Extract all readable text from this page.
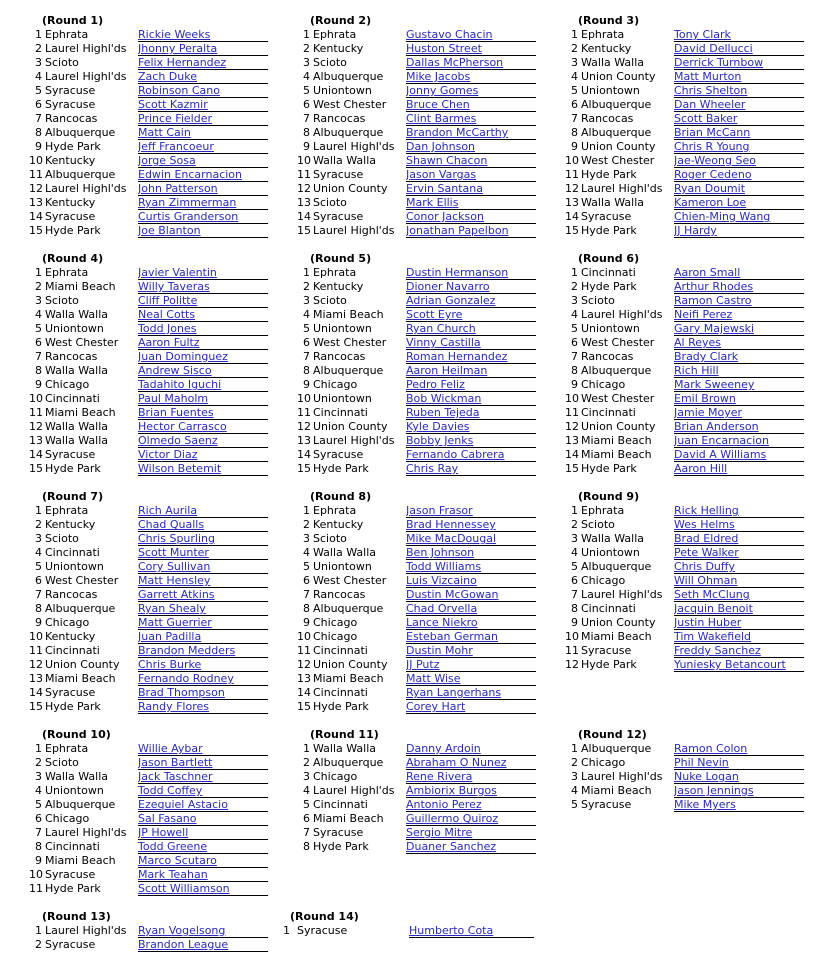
(Round 1)
1 Ephrata	Rickie Weeks
2 Laurel Highl'ds	Jhonny Peralta
3 Scioto	Felix Hernandez
4 Laurel Highl'ds	Zach Duke
5 Syracuse	Robinson Cano
6 Syracuse	Scott Kazmir
7 Rancocas	Prince Fielder
8 Albuquerque	Matt Cain
9 Hyde Park	Jeff Francoeur
10 Kentucky	Jorge Sosa
11 Albuquerque	Edwin Encarnacion
12 Laurel Highl'ds	John Patterson
13 Kentucky	Ryan Zimmerman
14 Syracuse	Curtis Granderson
15 Hyde Park	Joe Blanton
(Round 2)
1 Ephrata	Gustavo Chacin
2 Kentucky	Huston Street
3 Scioto	Dallas McPherson
4 Albuquerque	Mike Jacobs
5 Uniontown	Jonny Gomes
6 West Chester	Bruce Chen
7 Rancocas	Clint Barmes
8 Albuquerque	Brandon McCarthy
9 Laurel Highl'ds	Dan Johnson
10 Walla Walla	Shawn Chacon
11 Syracuse	Jason Vargas
12 Union County	Ervin Santana
13 Scioto	Mark Ellis
14 Syracuse	Conor Jackson
15 Laurel Highl'ds	Jonathan Papelbon
(Round 3)
1 Ephrata	Tony Clark
2 Kentucky	David Dellucci
3 Walla Walla	Derrick Turnbow
4 Union County	Matt Murton
5 Uniontown	Chris Shelton
6 Albuquerque	Dan Wheeler
7 Rancocas	Scott Baker
8 Albuquerque	Brian McCann
9 Union County	Chris R Young
10 West Chester	Jae-Weong Seo
11 Hyde Park	Roger Cedeno
12 Laurel Highl'ds	Ryan Doumit
13 Walla Walla	Kameron Loe
14 Syracuse	Chien-Ming Wang
15 Hyde Park	JJ Hardy
(Round 4)
1 Ephrata	Javier Valentin
2 Miami Beach	Willy Taveras
3 Scioto	Cliff Politte
4 Walla Walla	Neal Cotts
5 Uniontown	Todd Jones
6 West Chester	Aaron Fultz
7 Rancocas	Juan Dominguez
8 Walla Walla	Andrew Sisco
9 Chicago	Tadahito Iguchi
10 Cincinnati	Paul Maholm
11 Miami Beach	Brian Fuentes
12 Walla Walla	Hector Carrasco
13 Walla Walla	Olmedo Saenz
14 Syracuse	Victor Diaz
15 Hyde Park	Wilson Betemit
(Round 5)
1 Ephrata	Dustin Hermanson
2 Kentucky	Dioner Navarro
3 Scioto	Adrian Gonzalez
4 Miami Beach	Scott Eyre
5 Uniontown	Ryan Church
6 West Chester	Vinny Castilla
7 Rancocas	Roman Hernandez
8 Albuquerque	Aaron Heilman
9 Chicago	Pedro Feliz
10 Uniontown	Bob Wickman
11 Cincinnati	Ruben Tejeda
12 Union County	Kyle Davies
13 Laurel Highl'ds	Bobby Jenks
14 Syracuse	Fernando Cabrera
15 Hyde Park	Chris Ray
(Round 6)
1 Cincinnati	Aaron Small
2 Hyde Park	Arthur Rhodes
3 Scioto	Ramon Castro
4 Laurel Highl'ds	Neifi Perez
5 Uniontown	Gary Majewski
6 West Chester	Al Reyes
7 Rancocas	Brady Clark
8 Albuquerque	Rich Hill
9 Chicago	Mark Sweeney
10 West Chester	Emil Brown
11 Cincinnati	Jamie Moyer
12 Union County	Brian Anderson
13 Miami Beach	Juan Encarnacion
14 Miami Beach	David A Williams
15 Hyde Park	Aaron Hill
(Round 7)
1 Ephrata	Rich Aurila
2 Kentucky	Chad Qualls
3 Scioto	Chris Spurling
4 Cincinnati	Scott Munter
5 Uniontown	Cory Sullivan
6 West Chester	Matt Hensley
7 Rancocas	Garrett Atkins
8 Albuquerque	Ryan Shealy
9 Chicago	Matt Guerrier
10 Kentucky	Juan Padilla
11 Cincinnati	Brandon Medders
12 Union County	Chris Burke
13 Miami Beach	Fernando Rodney
14 Syracuse	Brad Thompson
15 Hyde Park	Randy Flores
(Round 8)
1 Ephrata	Jason Frasor
2 Kentucky	Brad Hennessey
3 Scioto	Mike MacDougal
4 Walla Walla	Ben Johnson
5 Uniontown	Todd Williams
6 West Chester	Luis Vizcaino
7 Rancocas	Dustin McGowan
8 Albuquerque	Chad Orvella
9 Chicago	Lance Niekro
10 Chicago	Esteban German
11 Cincinnati	Dustin Mohr
12 Union County	JJ Putz
13 Miami Beach	Matt Wise
14 Cincinnati	Ryan Langerhans
15 Hyde Park	Corey Hart
(Round 9)
1 Ephrata	Rick Helling
2 Scioto	Wes Helms
3 Walla Walla	Brad Eldred
4 Uniontown	Pete Walker
5 Albuquerque	Chris Duffy
6 Chicago	Will Ohman
7 Laurel Highl'ds	Seth McClung
8 Cincinnati	Jacquin Benoit
9 Union County	Justin Huber
10 Miami Beach	Tim Wakefield
11 Syracuse	Freddy Sanchez
12 Hyde Park	Yuniesky Betancourt
(Round 10)
1 Ephrata	Willie Aybar
2 Scioto	Jason Bartlett
3 Walla Walla	Jack Taschner
4 Uniontown	Todd Coffey
5 Albuquerque	Ezequiel Astacio
6 Chicago	Sal Fasano
7 Laurel Highl'ds	JP Howell
8 Cincinnati	Todd Greene
9 Miami Beach	Marco Scutaro
10 Syracuse	Mark Teahan
11 Hyde Park	Scott Williamson
(Round 11)
1 Walla Walla	Danny Ardoin
2 Albuquerque	Abraham O Nunez
3 Chicago	Rene Rivera
4 Laurel Highl'ds	Ambiorix Burgos
5 Cincinnati	Antonio Perez
6 Miami Beach	Guillermo Quiroz
7 Syracuse	Sergio Mitre
8 Hyde Park	Duaner Sanchez
(Round 12)
1 Albuquerque	Ramon Colon
2 Chicago	Phil Nevin
3 Laurel Highl'ds	Nuke Logan
4 Miami Beach	Jason Jennings
5 Syracuse	Mike Myers
(Round 13)
1 Laurel Highl'ds	Ryan Vogelsong
2 Syracuse	Brandon League
(Round 14)
1 Syracuse	Humberto Cota
